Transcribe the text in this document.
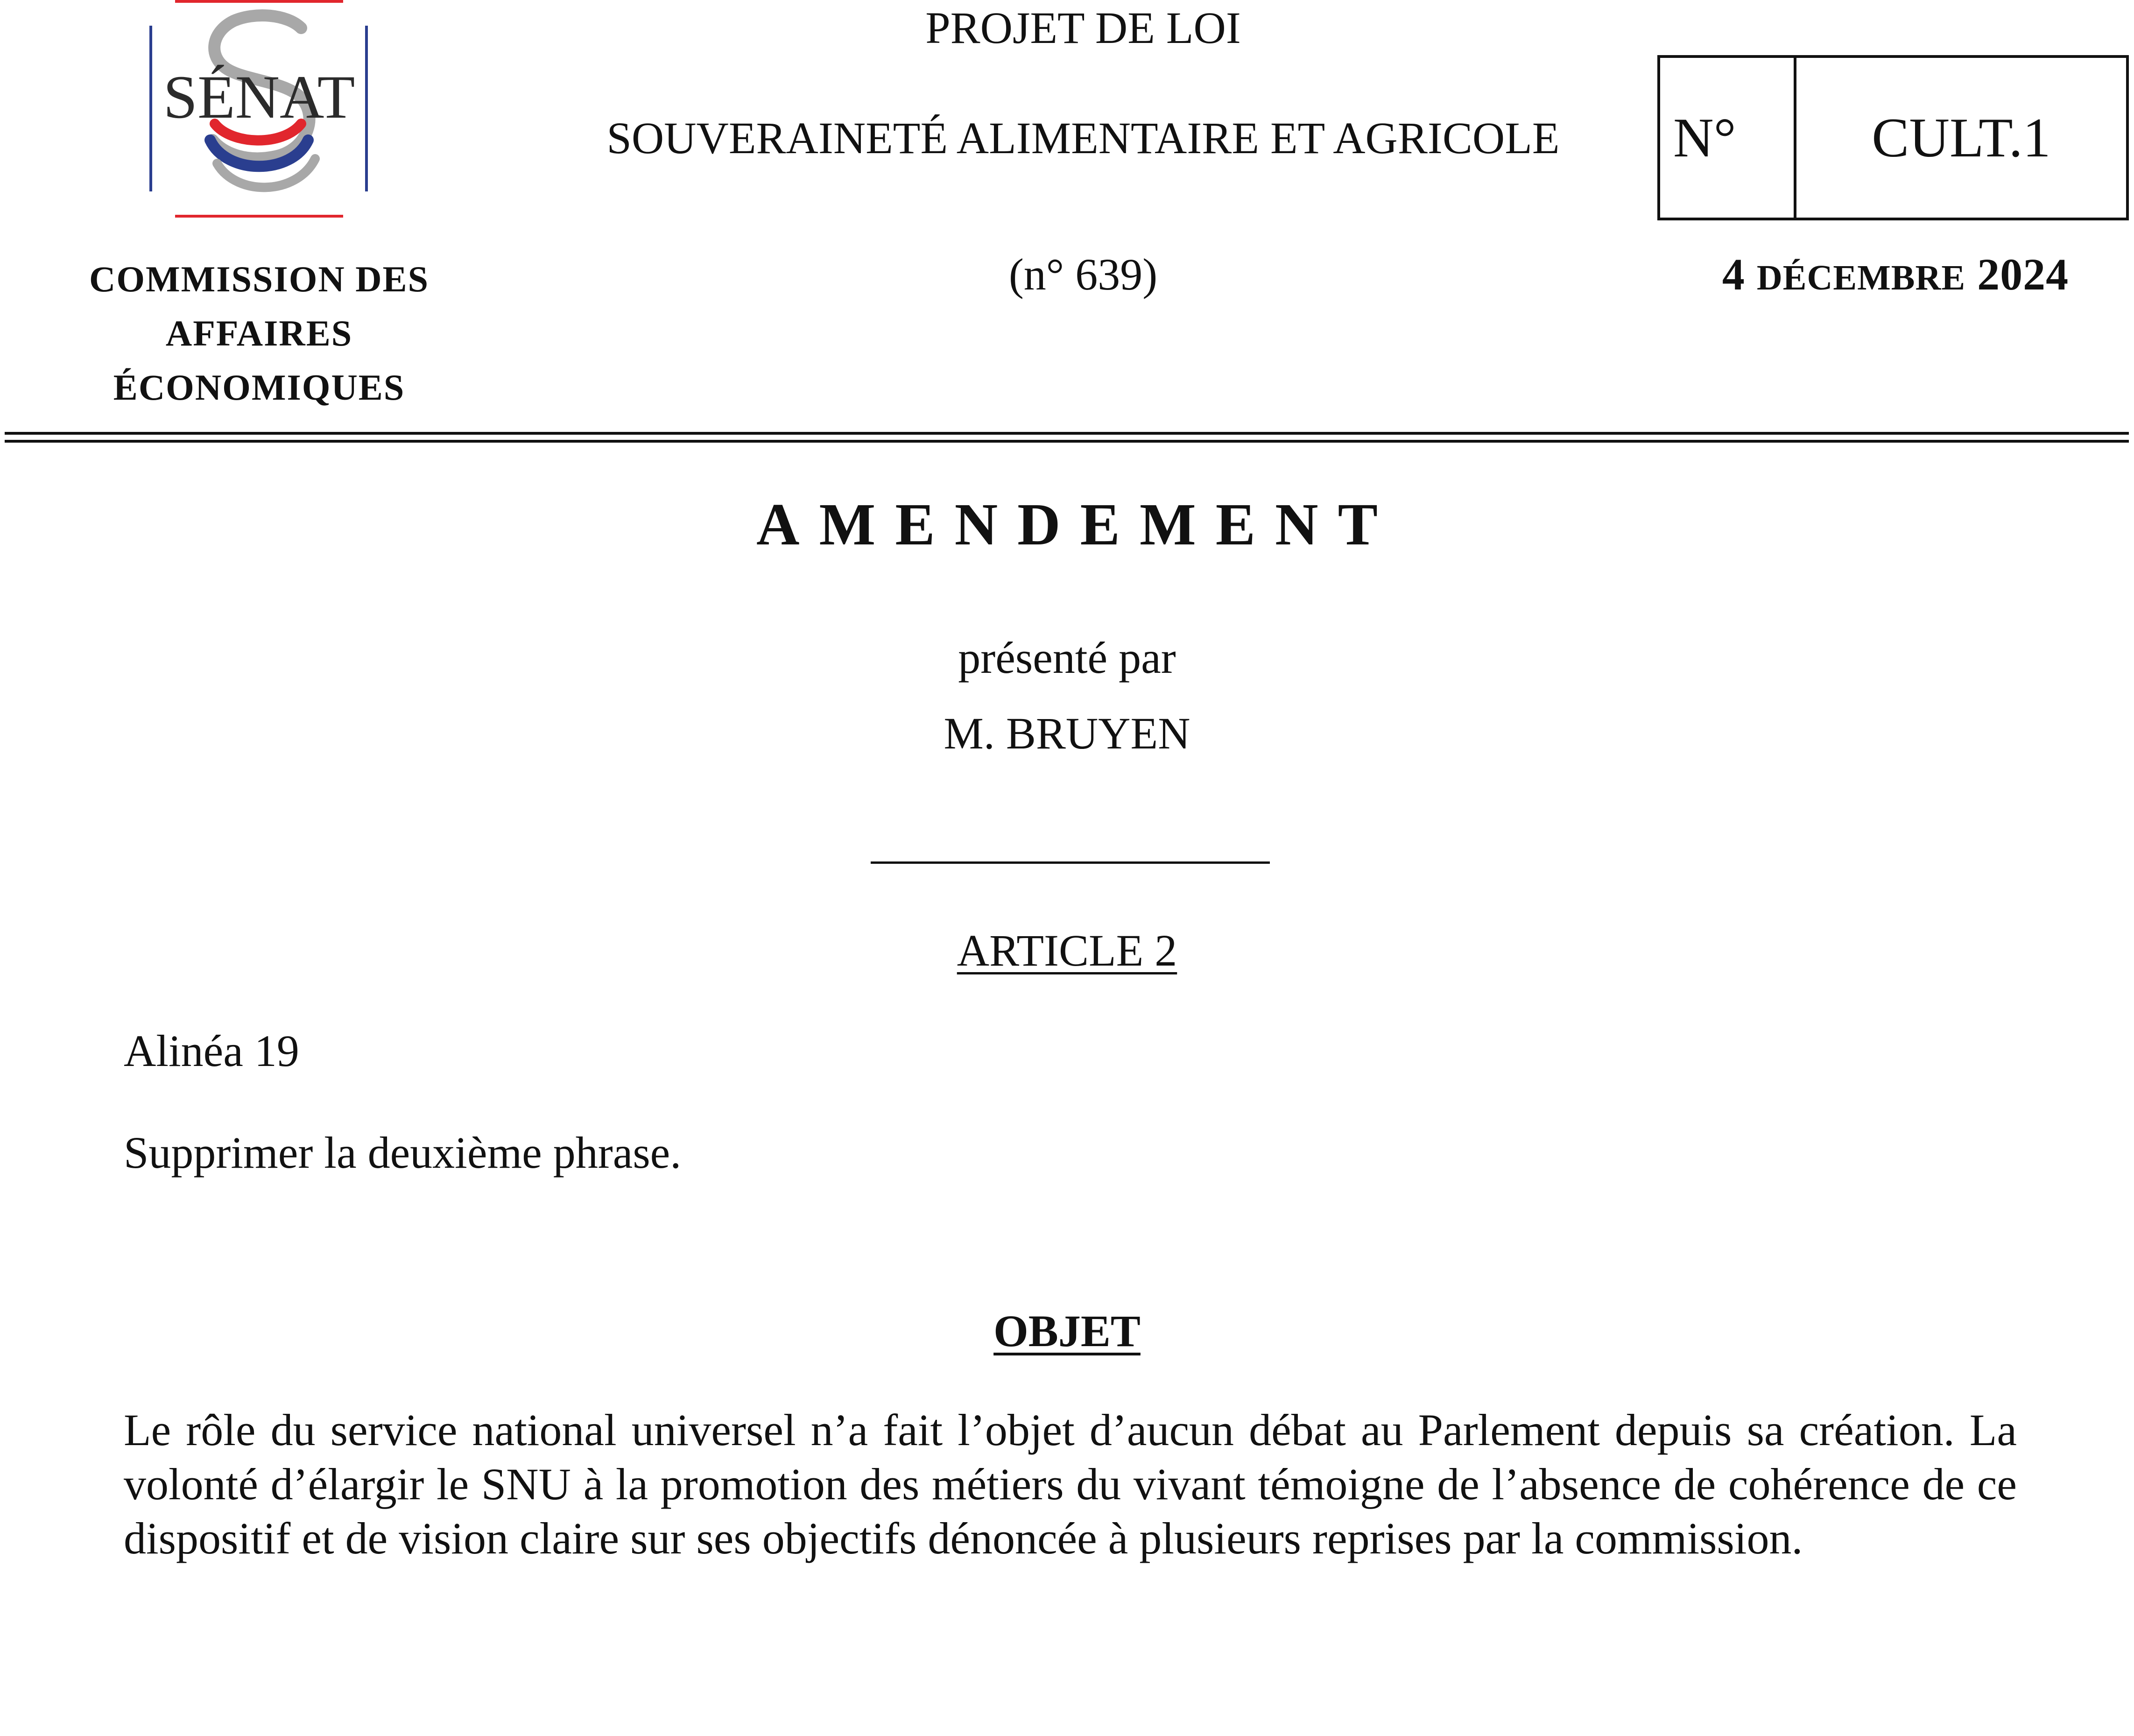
SÉNAT
COMMISSION DES
AFFAIRES
ÉCONOMIQUES
PROJET DE LOI
SOUVERAINETÉ ALIMENTAIRE ET AGRICOLE
(n° 639)
N°	CULT.1
4 DÉCEMBRE 2024
AMENDEMENT
présenté par
M. BRUYEN
ARTICLE 2
Alinéa 19
Supprimer la deuxième phrase.
OBJET
Le rôle du service national universel n’a fait l’objet d’aucun débat au Parlement depuis sa création. La volonté d’élargir le SNU à la promotion des métiers du vivant témoigne de l’absence de cohérence de ce dispositif et de vision claire sur ses objectifs dénoncée à plusieurs reprises par la commission.
